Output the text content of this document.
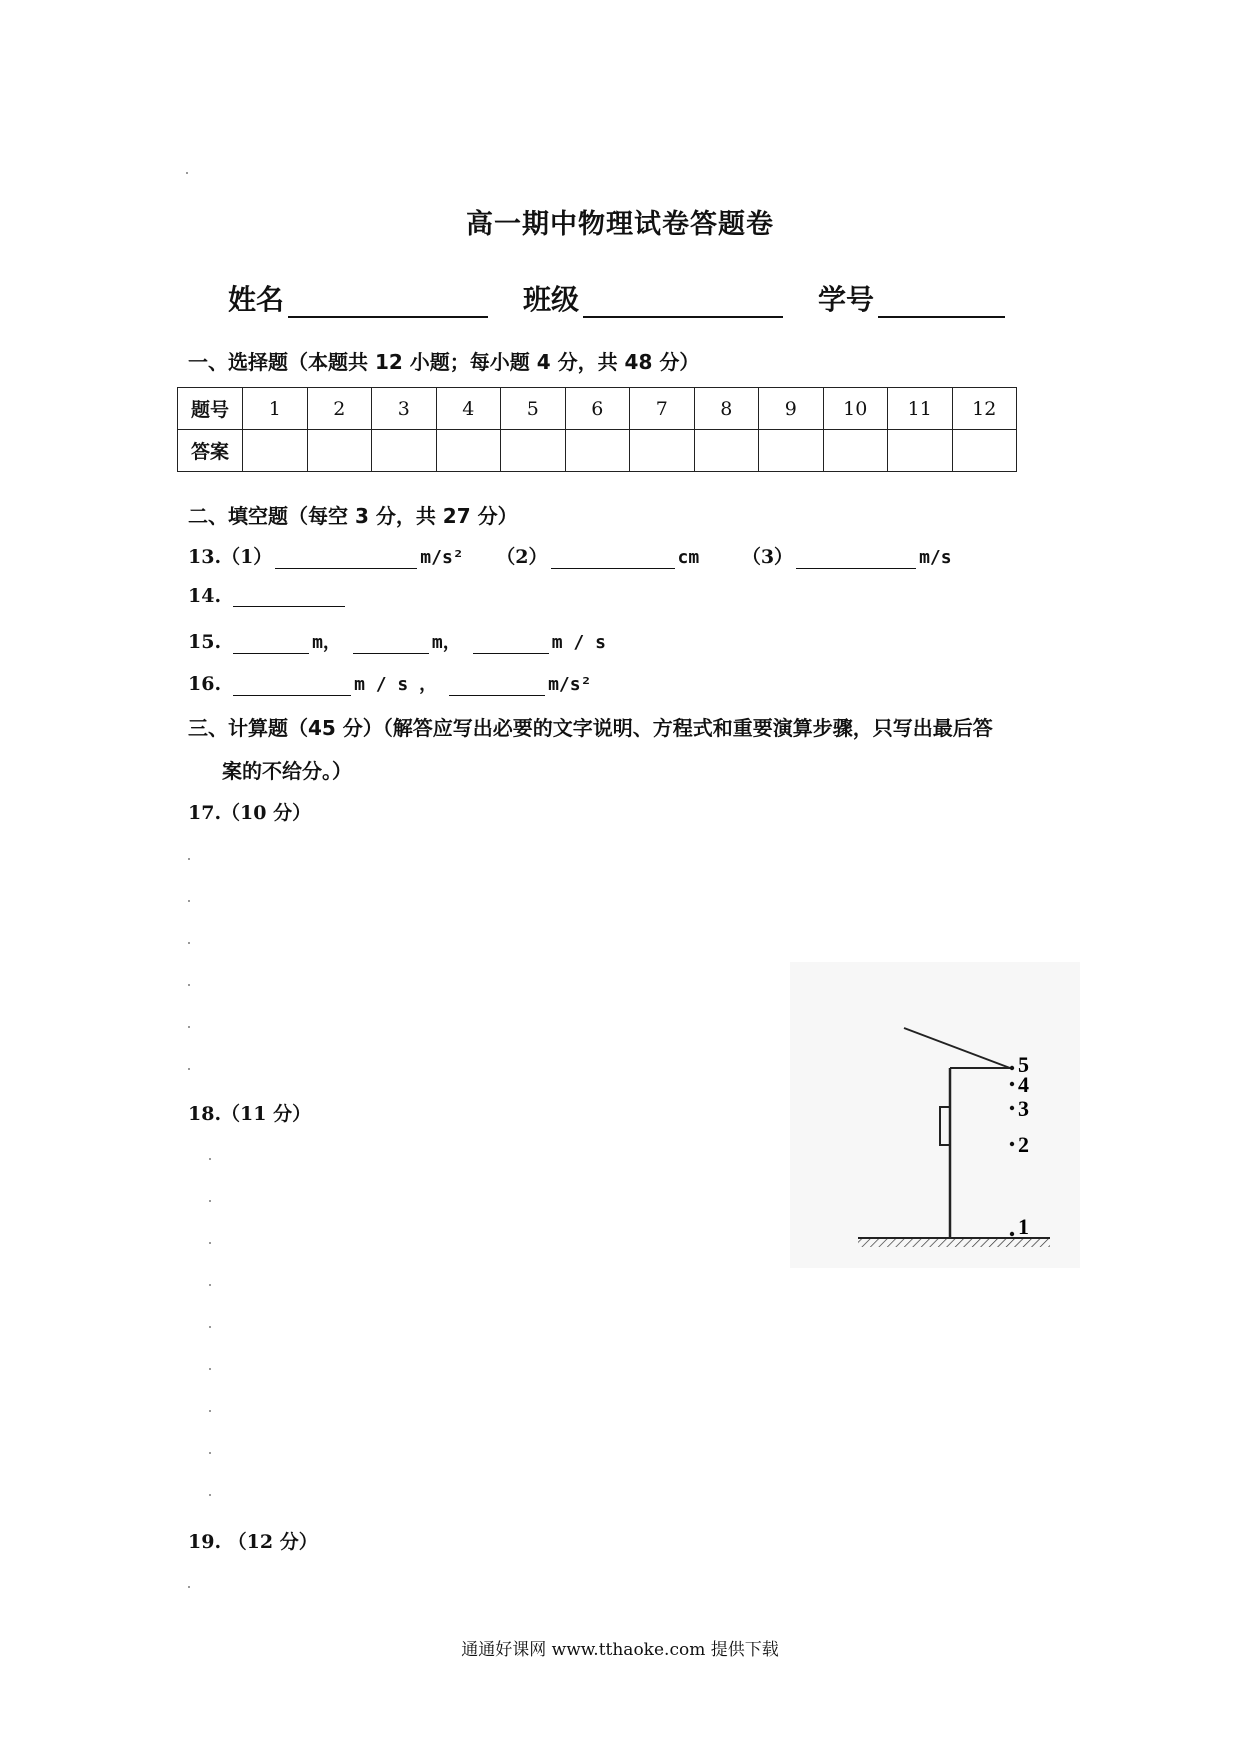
高一期中物理试卷答题卷
姓名	班级	学号
一、选择题（本题共 12 小题；每小题 4 分，共 48 分）
题号	1	2	3	4	5	6	7	8	9	10	11	12
答案												
二、填空题（每空 3 分，共 27 分）
13.（1）	m/s² （2）	cm （3）	m/s
14.
15.	m，	m，	m / s
16.	m / s ，	m/s²
三、计算题（45 分）（解答应写出必要的文字说明、方程式和重要演算步骤，只写出最后答
案的不给分。）
17.（10 分）
18.（11 分）
19. （12 分）
5
4
3
2
1
通通好课网 www.tthaoke.com 提供下载
